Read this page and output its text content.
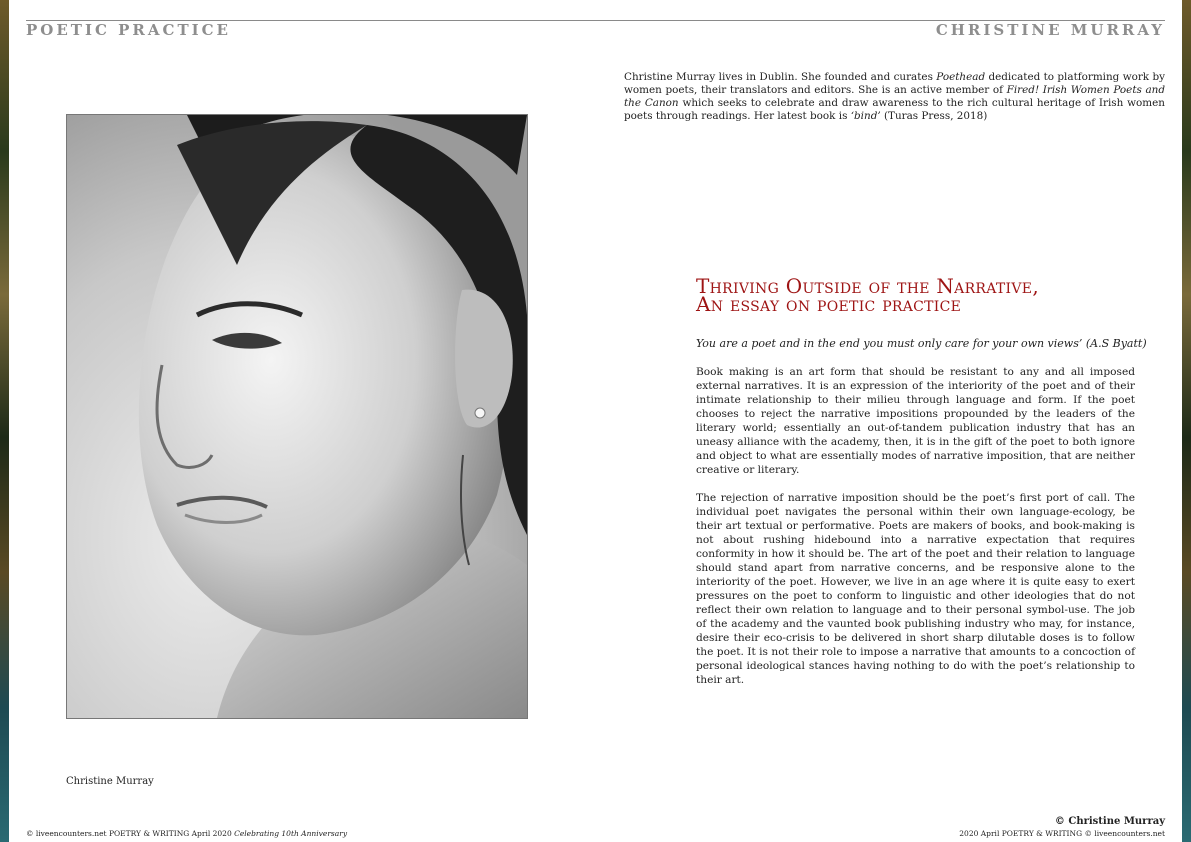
POETIC PRACTICE	CHRISTINE MURRAY
Christine Murray
Christine Murray lives in Dublin. She founded and curates Poethead dedicated to platforming work by women poets, their translators and editors. She is an active member of Fired! Irish Women Poets and the Canon which seeks to celebrate and draw awareness to the rich cultural heritage of Irish women poets through readings. Her latest book is ‘bind’ (Turas Press, 2018)
Thriving Outside of the Narrative,
An essay on poetic practice
You are a poet and in the end you must only care for your own views’ (A.S Byatt)

Book making is an art form that should be resistant to any and all imposed external narratives. It is an expression of the interiority of the poet and of their intimate relationship to their milieu through language and form. If the poet chooses to reject the narrative impositions propounded by the leaders of the literary world; essentially an out-of-tandem publication industry that has an uneasy alliance with the academy, then, it is in the gift of the poet to both ignore and object to what are essentially modes of narrative imposition, that are neither creative or literary.

The rejection of narrative imposition should be the poet’s first port of call. The individual poet navigates the personal within their own language-ecology, be their art textual or performative. Poets are makers of books, and book-making is not about rushing hidebound into a narrative expectation that requires conformity in how it should be. The art of the poet and their relation to language should stand apart from narrative concerns, and be responsive alone to the interiority of the poet. However, we live in an age where it is quite easy to exert pressures on the poet to conform to linguistic and other ideologies that do not reflect their own relation to language and to their personal symbol-use. The job of the academy and the vaunted book publishing industry who may, for instance, desire their eco-crisis to be delivered in short sharp dilutable doses is to follow the poet. It is not their role to impose a narrative that amounts to a concoction of personal ideological stances having nothing to do with the poet’s relationship to their art.

© Christine Murray
© liveencounters.net POETRY & WRITING April 2020 Celebrating 10th Anniversary	2020 April POETRY & WRITING © liveencounters.net
